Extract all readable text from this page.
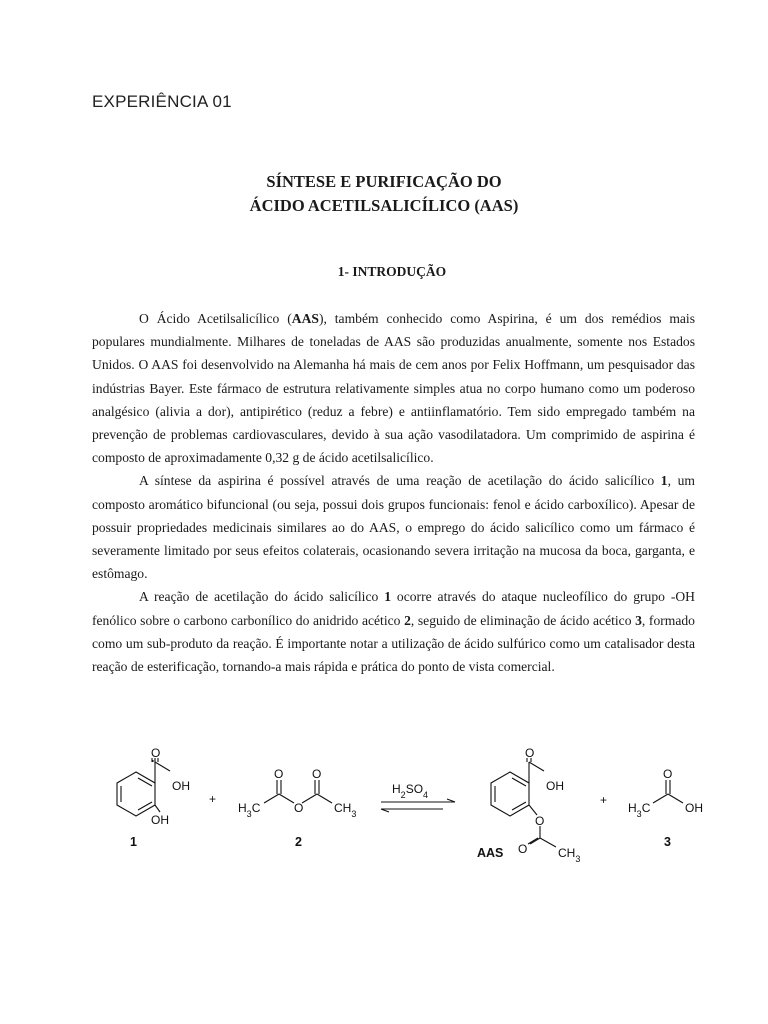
EXPERIÊNCIA 01
SÍNTESE E PURIFICAÇÃO DO
ÁCIDO ACETILSALICÍLICO (AAS)
1- INTRODUÇÃO

O Ácido Acetilsalicílico (AAS), também conhecido como Aspirina, é um dos remédios mais populares mundialmente. Milhares de toneladas de AAS são produzidas anualmente, somente nos Estados Unidos. O AAS foi desenvolvido na Alemanha há mais de cem anos por Felix Hoffmann, um pesquisador das indústrias Bayer. Este fármaco de estrutura relativamente simples atua no corpo humano como um poderoso analgésico (alivia a dor), antipirético (reduz a febre) e antiinflamatório. Tem sido empregado também na prevenção de problemas cardiovasculares, devido à sua ação vasodilatadora. Um comprimido de aspirina é composto de aproximadamente 0,32 g de ácido acetilsalicílico.

A síntese da aspirina é possível através de uma reação de acetilação do ácido salicílico 1, um composto aromático bifuncional (ou seja, possui dois grupos funcionais: fenol e ácido carboxílico). Apesar de possuir propriedades medicinais similares ao do AAS, o emprego do ácido salicílico como um fármaco é severamente limitado por seus efeitos colaterais, ocasionando severa irritação na mucosa da boca, garganta, e estômago.

A reação de acetilação do ácido salicílico 1 ocorre através do ataque nucleofílico do grupo -OH fenólico sobre o carbono carbonílico do anidrido acético 2, seguido de eliminação de ácido acético 3, formado como um sub-produto da reação. É importante notar a utilização de ácido sulfúrico como um catalisador desta reação de esterificação, tornando-a mais rápida e prática do ponto de vista comercial.

O
OH
OH
+
O O
O
$H_3C$	$CH_3$
$H_2SO_4$
O
OH
O
O	$CH_3$
+
O
$H_3C$	OH
1	2
AAS
3
